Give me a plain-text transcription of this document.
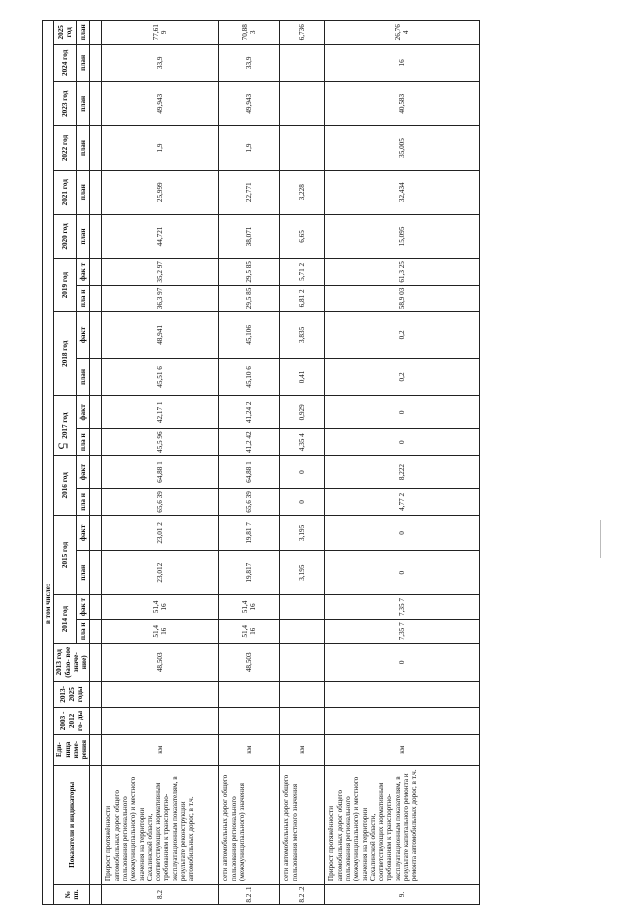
5
в том числе:																							
№ пп.	Показатели и индикаторы	Еди- ница изме- рения	2003 - 2012 го- ды	2013- 2025 годы	2013 год (базо- вое значе- ние)	2014 год		2015 год		2016 год		2017 год		2018 год		2019 год		2020 год	2021 год	2022 год	2023 год	2024 год	2025 год
						пла н	фак т	план	факт	пла н	факт	пла н	факт	план	факт	пла н	фак т	план	план	план	план	план	план

8.2	Прирост протяжённости автомобильных дорог общего пользования регионального (межмуниципального) и местного значения на территории Сахалинской области, соответствующих нормативным требованиям к транспортно-эксплуатационным показателям, в результате реконструкции автомобильных дорог, в т.ч.	км			48,503	51,4 16	51,4 16	23,012	23,01 2	65,6 39	64,88 1	45,5 96	42,17 1	45,51 6	48,941	36,3 97	35,2 97	44,721	25,999	1,9	49,943	33,9	77,61 9
8.2 .1	сети автомобильных дорог общего пользования регионального (межмуниципального) значения	км			48,503	51,4 16	51,4 16	19,817	19,81 7	65,6 39	64,88 1	41,2 42	41,24 2	45,10 6	45,106	29,5 85	29,5 85	38,071	22,771	1,9	49,943	33,9	70,88 3
8.2 .2	сети автомобильных дорог общего пользования местного значения	км						3,195	3,195	0	0	4,35 4	0,929	0,41	3,835	6,81 2	5,71 2	6,65	3,228				6,736
9.	Прирост протяжённости автомобильных дорог общего пользования регионального (межмуниципального) и местного значения на территории Сахалинской области, соответствующих нормативным требованиям к транспортно-эксплуатационным показателям, в результате капитального ремонта и ремонта автомобильных дорог, в т.ч.	км			0	7,35 7	7,35 7	0	0	4,77 2	8,222	0	0	0,2	0,2	58,9 03	61,3 25	15,095	32,434	35,005	40,583	16	26,76 4
